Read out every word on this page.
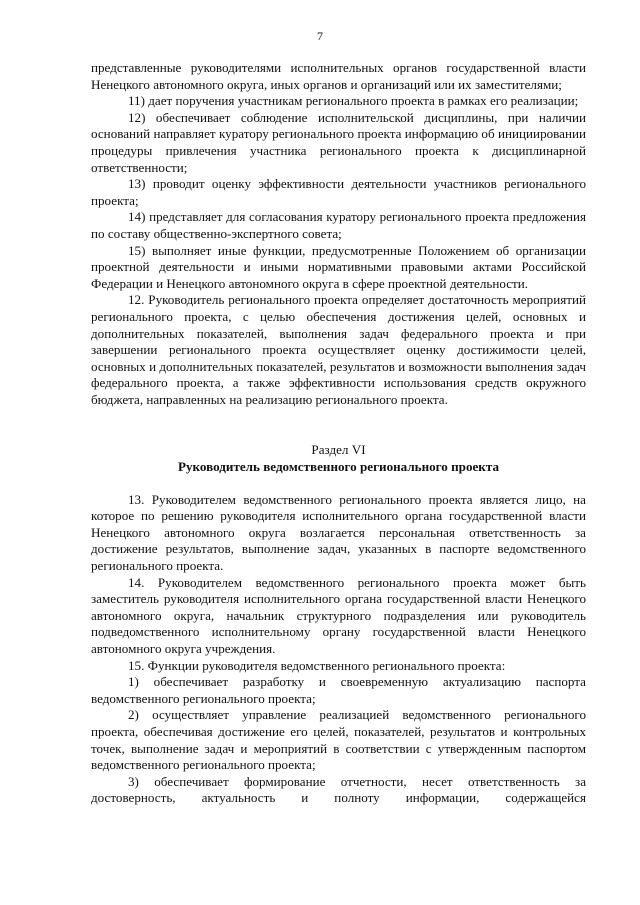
7

представленные руководителями исполнительных органов государственной власти Ненецкого автономного округа, иных органов и организаций или их заместителями;

11) дает поручения участникам регионального проекта в рамках его реализации;

12) обеспечивает соблюдение исполнительской дисциплины, при наличии оснований направляет куратору регионального проекта информацию об инициировании процедуры привлечения участника регионального проекта к дисциплинарной ответственности;

13) проводит оценку эффективности деятельности участников регионального проекта;

14) представляет для согласования куратору регионального проекта предложения по составу общественно-экспертного совета;

15) выполняет иные функции, предусмотренные Положением об организации проектной деятельности и иными нормативными правовыми актами Российской Федерации и Ненецкого автономного округа в сфере проектной деятельности.

12. Руководитель регионального проекта определяет достаточность мероприятий регионального проекта, с целью обеспечения достижения целей, основных и дополнительных показателей, выполнения задач федерального проекта и при завершении регионального проекта осуществляет оценку достижимости целей, основных и дополнительных показателей, результатов и возможности выполнения задач федерального проекта, а также эффективности использования средств окружного бюджета, направленных на реализацию регионального проекта.

Раздел VI
Руководитель ведомственного регионального проекта

13. Руководителем ведомственного регионального проекта является лицо, на которое по решению руководителя исполнительного органа государственной власти Ненецкого автономного округа возлагается персональная ответственность за достижение результатов, выполнение задач, указанных в паспорте ведомственного регионального проекта.

14. Руководителем ведомственного регионального проекта может быть заместитель руководителя исполнительного органа государственной власти Ненецкого автономного округа, начальник структурного подразделения или руководитель подведомственного исполнительному органу государственной власти Ненецкого автономного округа учреждения.

15. Функции руководителя ведомственного регионального проекта:

1) обеспечивает разработку и своевременную актуализацию паспорта ведомственного регионального проекта;

2) осуществляет управление реализацией ведомственного регионального проекта, обеспечивая достижение его целей, показателей, результатов и контрольных точек, выполнение задач и мероприятий в соответствии с утвержденным паспортом ведомственного регионального проекта;

3) обеспечивает формирование отчетности, несет ответственность за достоверность, актуальность и полноту информации, содержащейся
